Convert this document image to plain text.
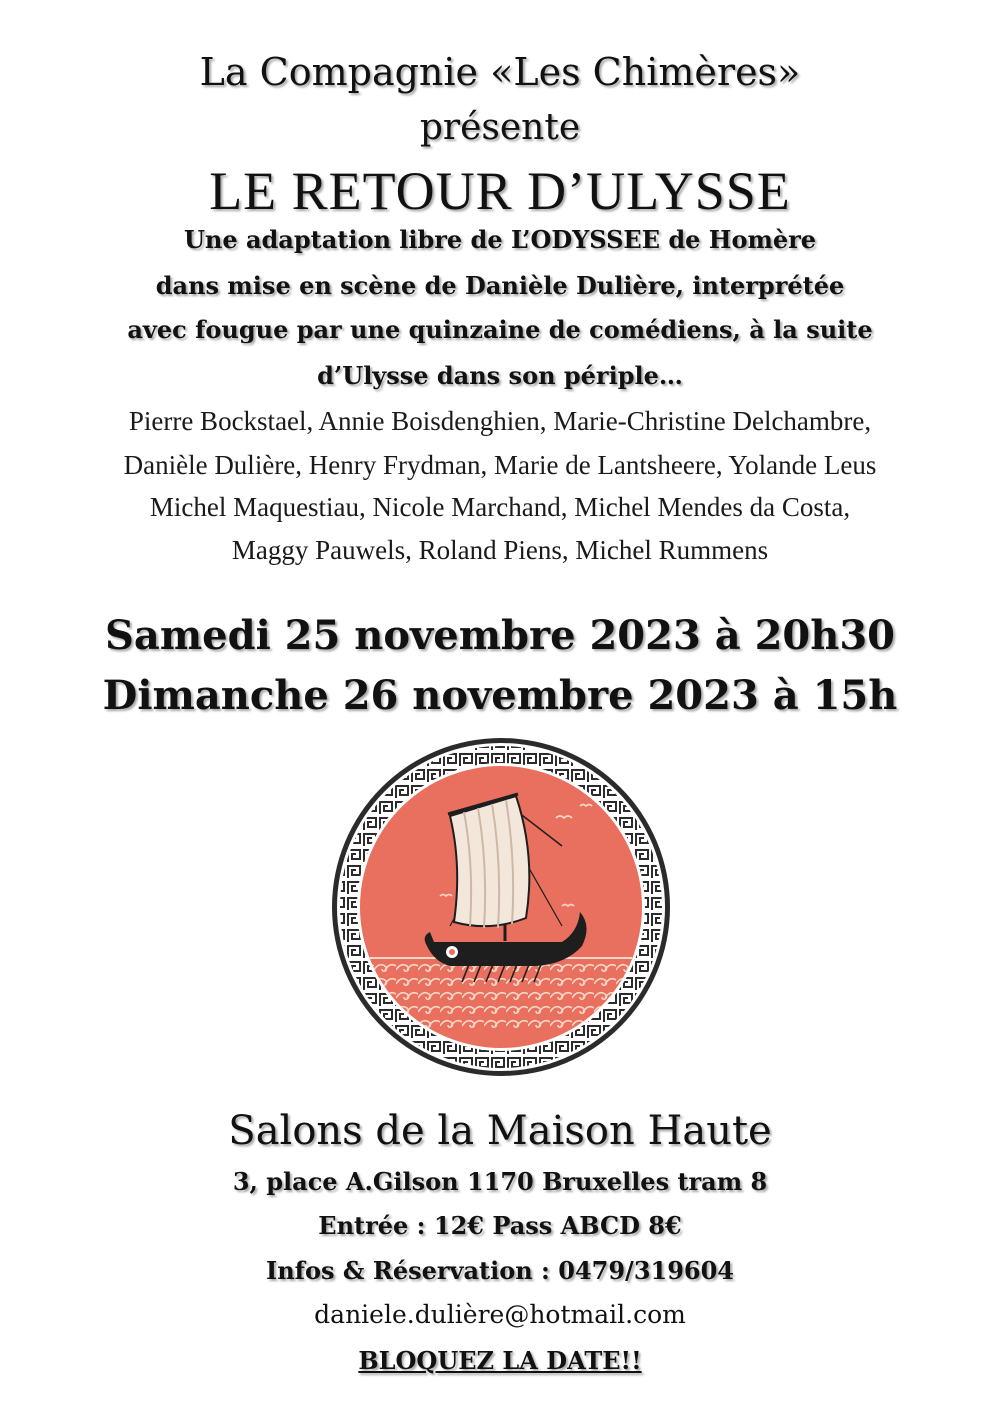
La Compagnie «Les Chimères»
présente
LE RETOUR D’ULYSSE
Une adaptation libre de L’ODYSSEE de Homère
dans mise en scène de Danièle Dulière, interprétée
avec fougue par une quinzaine de comédiens, à la suite
d’Ulysse dans son périple…
Pierre Bockstael, Annie Boisdenghien, Marie-Christine Delchambre,
Danièle Dulière, Henry Frydman, Marie de Lantsheere, Yolande Leus
Michel Maquestiau, Nicole Marchand, Michel Mendes da Costa,
Maggy Pauwels, Roland Piens, Michel Rummens
Samedi 25 novembre 2023 à 20h30
Dimanche 26 novembre 2023 à 15h
Salons de la Maison Haute
3, place A.Gilson 1170 Bruxelles tram 8
Entrée : 12€ Pass ABCD 8€
Infos & Réservation : 0479/319604
daniele.dulière@hotmail.com
BLOQUEZ LA DATE!!
